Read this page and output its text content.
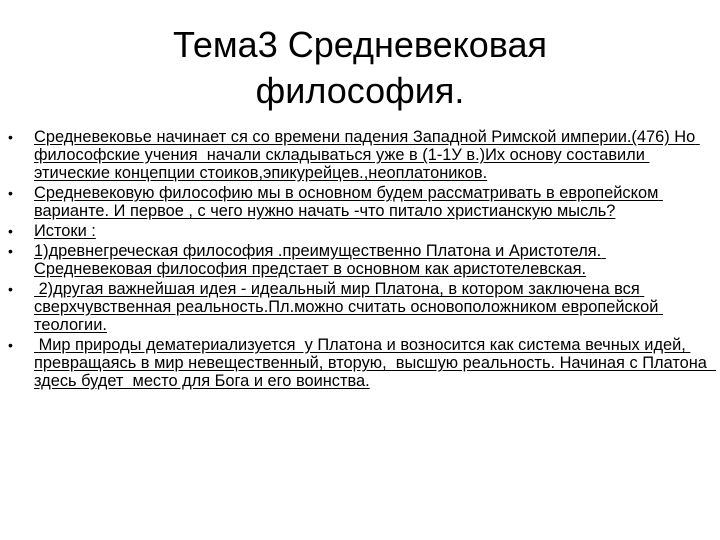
Тема3 Средневековая
философия.
•	Средневековье начинает ся со времени падения Западной Римской империи.(476) Но философские учения  начали складываться уже в (1-1У в.)Их основу составили этические концепции стоиков,эпикурейцев.,неоплатоников.
•	Средневековую философию мы в основном будем рассматривать в европейском варианте. И первое , с чего нужно начать -что питало христианскую мысль?
•	Истоки :
•	1)древнегреческая философия .преимущественно Платона и Аристотеля. Средневековая философия предстает в основном как аристотелевская.
•	2)другая важнейшая идея - идеальный мир Платона, в котором заключена вся сверхчувственная реальность.Пл.можно считать основоположником европейской теологии.
•	Мир природы дематериализуется  у Платона и возносится как система вечных идей, превращаясь в мир невещественный, вторую,  высшую реальность. Начиная с Платона  здесь будет  место для Бога и его воинства.
